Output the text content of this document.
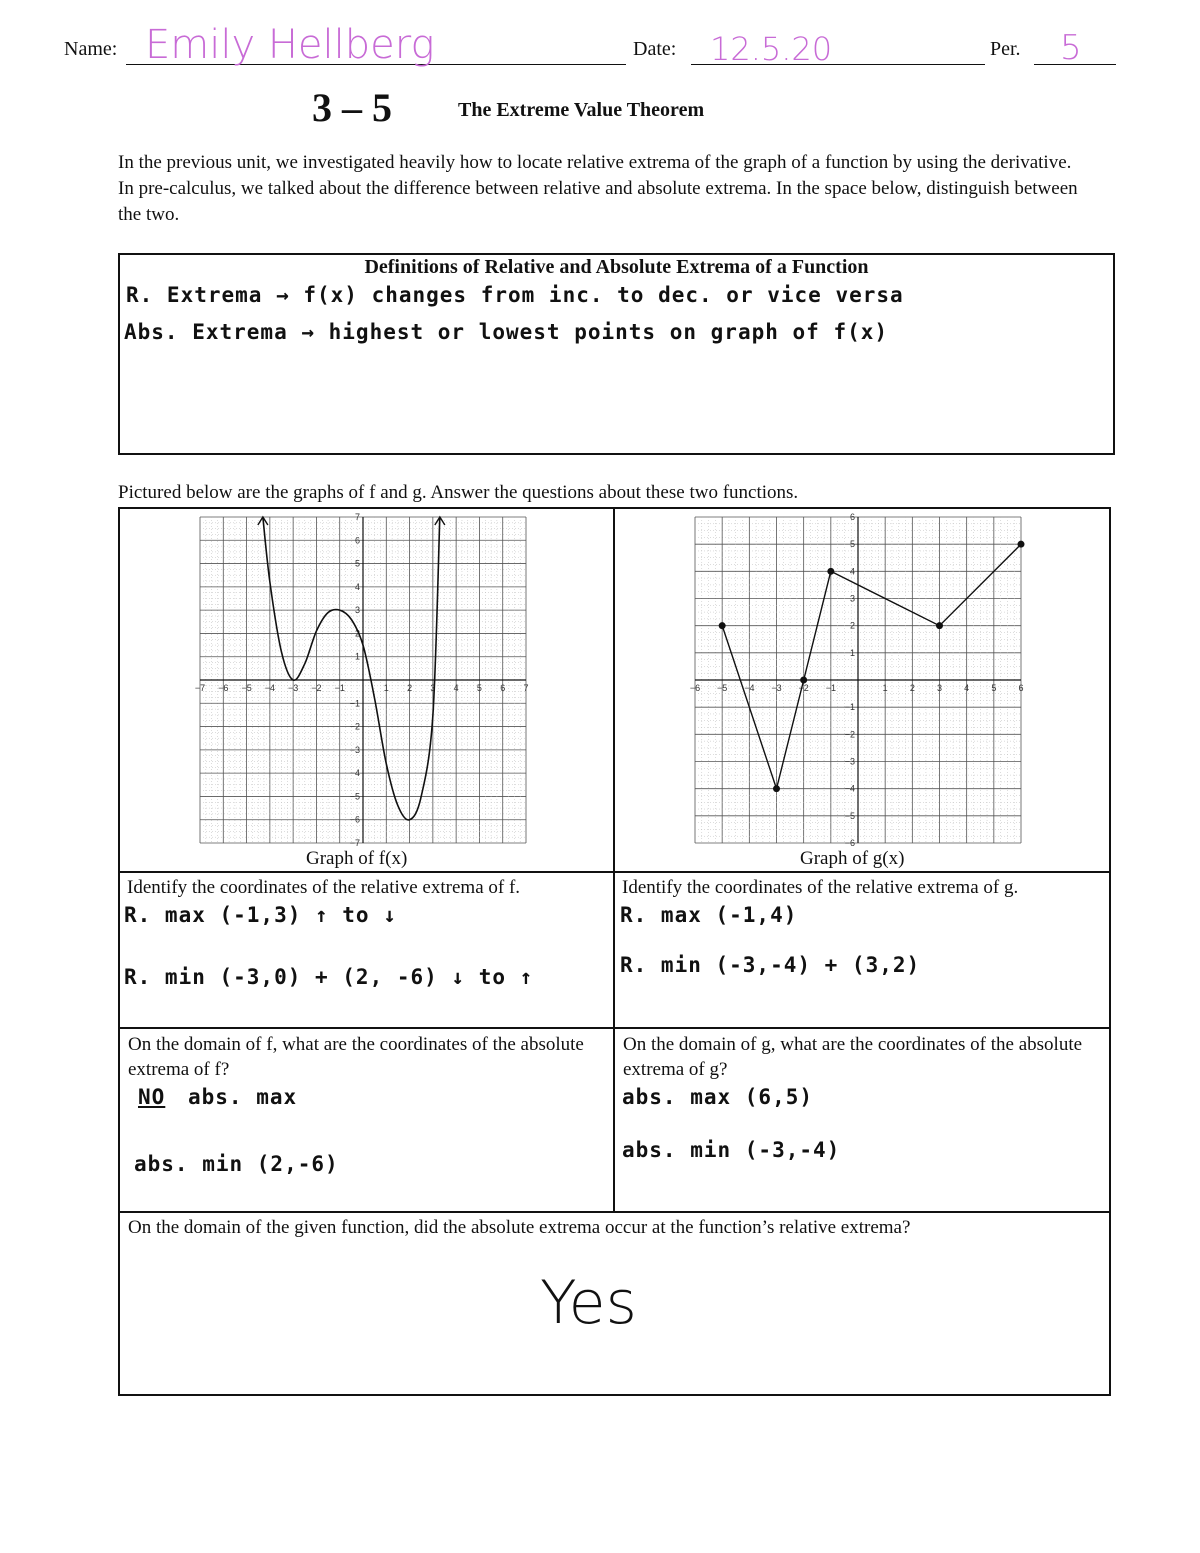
Name: Emily Hellberg	Date: 12.5.20	Per. 5
3 – 5	The Extreme Value Theorem
In the previous unit, we investigated heavily how to locate relative extrema of the graph of a function by using the derivative. In pre-calculus, we talked about the difference between relative and absolute extrema. In the space below, distinguish between the two.
Definitions of Relative and Absolute Extrema of a Function
R. Extrema → f(x) changes from inc. to dec. or vice versa
Abs. Extrema → highest or lowest points on graph of f(x)
Pictured below are the graphs of f and g. Answer the questions about these two functions.
−7 −6 −5 −4 −3 −2 −1	1 2 3 4 5 6 7
7
6
5
4
3
2
1
−1
−2
−3
−4
−5
−6
−7
Graph of f(x)
−6 −5 −4 −3 −2 −1	1 2 3 4 5 6
6
5
4
3
2
1
−1
−2
−3
−4
−5
−6
Graph of g(x)
Identify the coordinates of the relative extrema of f.
R. max (-1,3) ↑ to ↓
R. min (-3,0) + (2, -6) ↓ to ↑
Identify the coordinates of the relative extrema of g.
R. max (-1,4)
R. min (-3,-4) + (3,2)
On the domain of f, what are the coordinates of the absolute extrema of f?
NO abs. max
abs. min (2,-6)
On the domain of g, what are the coordinates of the absolute extrema of g?
abs. max (6,5)
abs. min (-3,-4)
On the domain of the given function, did the absolute extrema occur at the function’s relative extrema?
Yes
